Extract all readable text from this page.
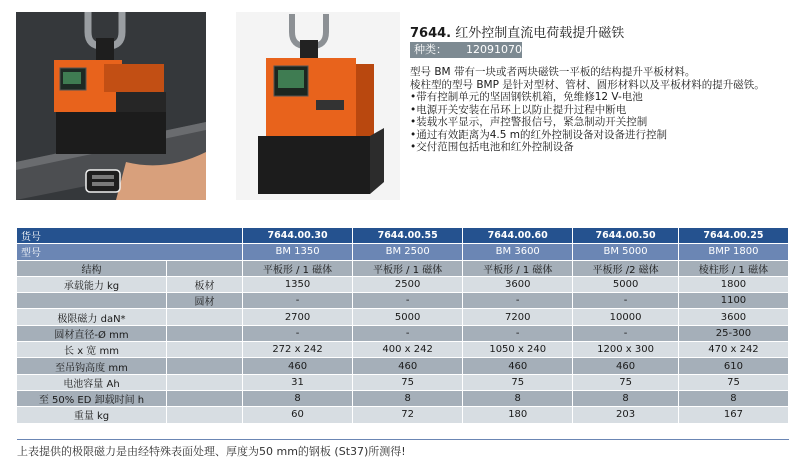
7644. 红外控制直流电荷载提升磁铁
种类：	12091070

型号 BM 带有一块或者两块磁铁一平板的结构提升平板材料。

棱柱型的型号 BMP 是针对型材、管材、圆形材料以及平板材料的提升磁铁。

•带有控制单元的坚固钢铁机箱，免维修12 V-电池

•电源开关安装在吊环上以防止提升过程中断电

•装载水平显示，声控警报信号，紧急制动开关控制

•通过有效距离为4.5 m的红外控制设备对设备进行控制

•交付范围包括电池和红外控制设备

货号		7644.00.30	7644.00.55	7644.00.60	7644.00.50	7644.00.25
型号		BM 1350	BM 2500	BM 3600	BM 5000	BMP 1800
结构		平板形 / 1 磁体	平板形 / 1 磁体	平板形 / 1 磁体	平板形 /2 磁体	棱柱形 / 1 磁体
承载能力 kg	板材	1350	2500	3600	5000	1800
	圆材	-	-	-	-	1100
极限磁力 daN*		2700	5000	7200	10000	3600
圆材直径-Ø mm		-	-	-	-	25-300
长 x 宽 mm		272 x 242	400 x 242	1050 x 240	1200 x 300	470 x 242
至吊钩高度 mm		460	460	460	460	610
电池容量 Ah		31	75	75	75	75
至 50% ED 卸载时间 h		8	8	8	8	8
重量 kg		60	72	180	203	167
上表提供的极限磁力是由经特殊表面处理、厚度为50 mm的钢板 (St37)所测得!
